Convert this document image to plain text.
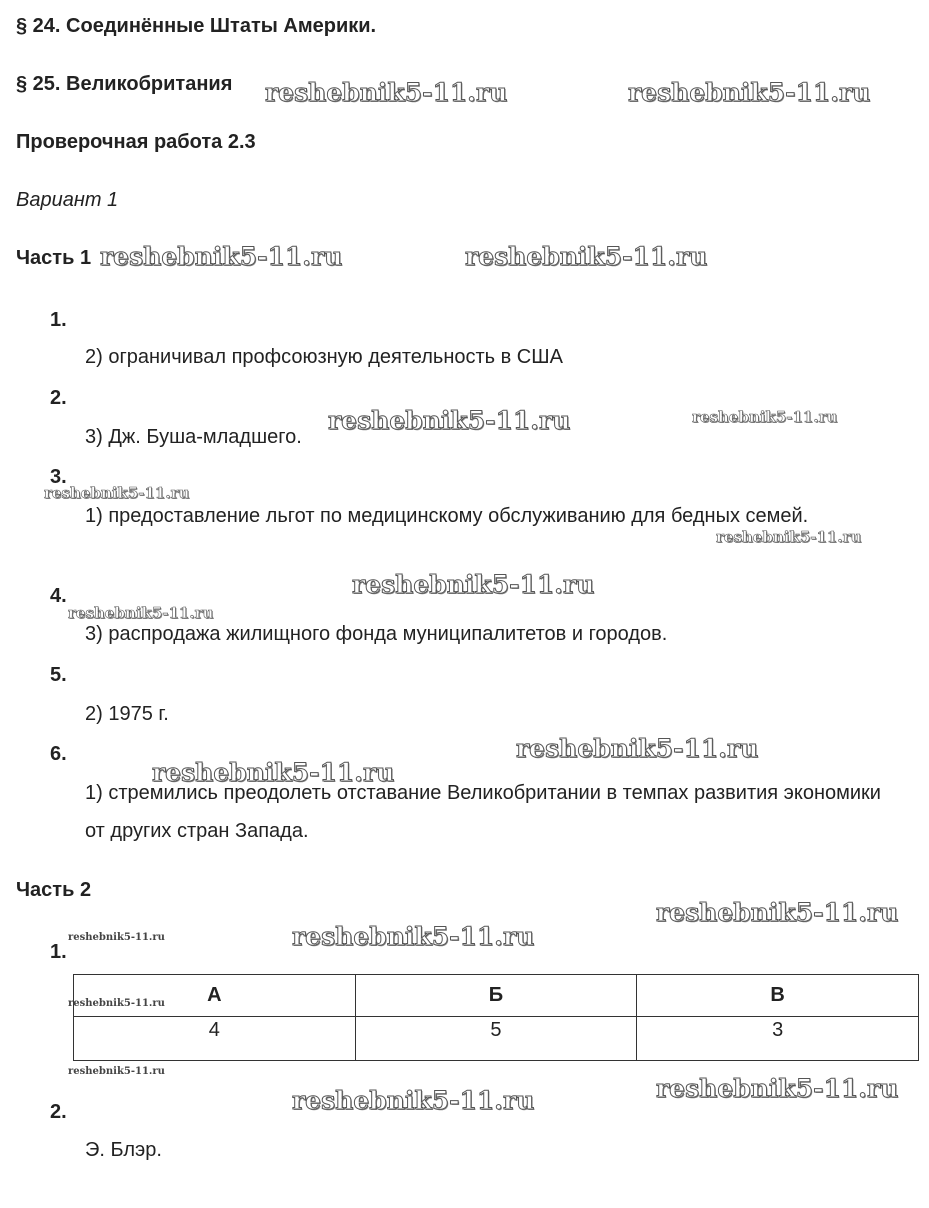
§ 24. Соединённые Штаты Америки.
§ 25. Великобритания
Проверочная работа 2.3

Вариант 1

Часть 1
1.

2) ограничивал профсоюзную деятельность в США

2.

3) Дж. Буша-младшего.

3.

1) предоставление льгот по медицинскому обслуживанию для бедных семей.

4.

3) распродажа жилищного фонда муниципалитетов и городов.

5.

2) 1975 г.

6.

1) стремились преодолеть отставание Великобритании в темпах развития экономики от других стран Запада.

Часть 2
1.
А	Б	В
4	5	3
2.

Э. Блэр.

reshebnik5-11.ru	reshebnik5-11.ru
reshebnik5-11.ru	reshebnik5-11.ru
reshebnik5-11.ru	reshebnik5-11.ru
reshebnik5-11.ru
reshebnik5-11.ru
reshebnik5-11.ru
reshebnik5-11.ru
reshebnik5-11.ru
reshebnik5-11.ru
reshebnik5-11.ru
reshebnik5-11.ru	reshebnik5-11.ru
reshebnik5-11.ru
reshebnik5-11.ru
reshebnik5-11.ru
reshebnik5-11.ru
